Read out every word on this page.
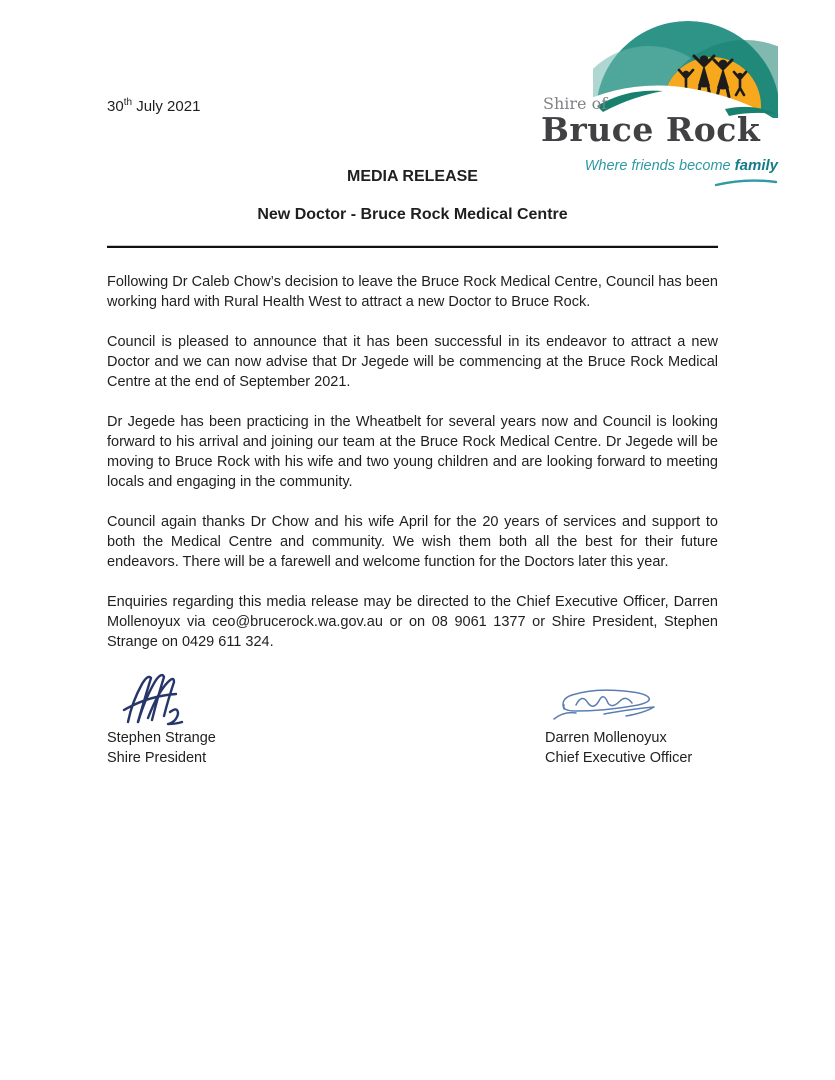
Shire of
Bruce Rock
Where friends become family

30th July 2021

MEDIA RELEASE
New Doctor - Bruce Rock Medical Centre

Following Dr Caleb Chow’s decision to leave the Bruce Rock Medical Centre, Council has been working hard with Rural Health West to attract a new Doctor to Bruce Rock.

Council is pleased to announce that it has been successful in its endeavor to attract a new Doctor and we can now advise that Dr Jegede will be commencing at the Bruce Rock Medical Centre at the end of September 2021.

Dr Jegede has been practicing in the Wheatbelt for several years now and Council is looking forward to his arrival and joining our team at the Bruce Rock Medical Centre. Dr Jegede will be moving to Bruce Rock with his wife and two young children and are looking forward to meeting locals and engaging in the community.

Council again thanks Dr Chow and his wife April for the 20 years of services and support to both the Medical Centre and community. We wish them both all the best for their future endeavors. There will be a farewell and welcome function for the Doctors later this year.

Enquiries regarding this media release may be directed to the Chief Executive Officer, Darren Mollenoyux via ceo@brucerock.wa.gov.au or on 08 9061 1377 or Shire President, Stephen Strange on 0429 611 324.

Stephen Strange
Shire President
Darren Mollenoyux
Chief Executive Officer
